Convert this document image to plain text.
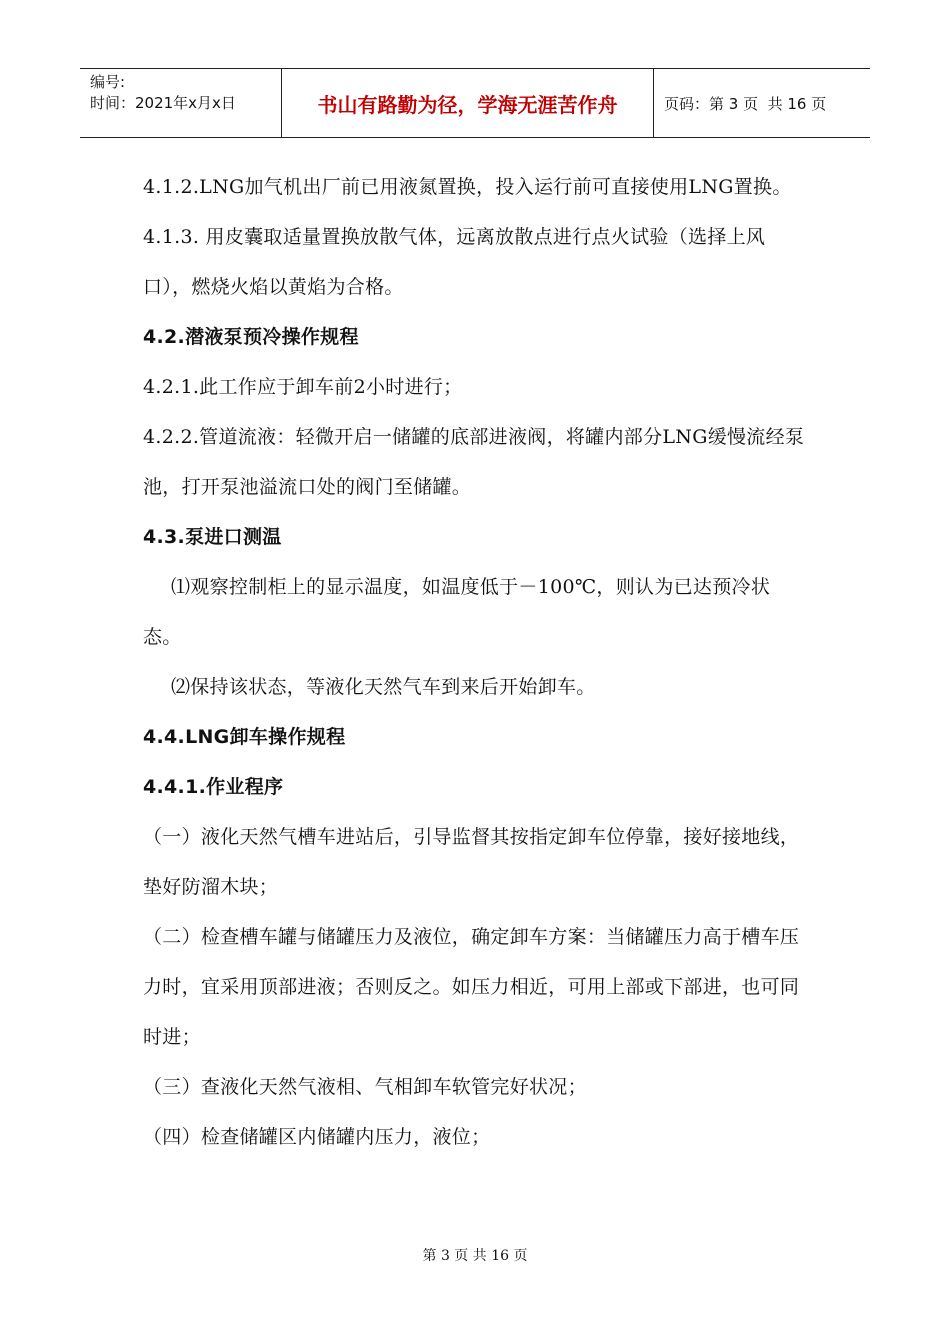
编号:
时间：2021年x月x日	书山有路勤为径，学海无涯苦作舟	页码：第 3 页  共 16 页

4.1.2.LNG加气机出厂前已用液氮置换，投入运行前可直接使用LNG置换。

4.1.3. 用皮囊取适量置换放散气体，远离放散点进行点火试验（选择上风口），燃烧火焰以黄焰为合格。

4.2.潜液泵预冷操作规程

4.2.1.此工作应于卸车前2小时进行；

4.2.2.管道流液：轻微开启一储罐的底部进液阀，将罐内部分LNG缓慢流经泵池，打开泵池溢流口处的阀门至储罐。

4.3.泵进口测温

⑴观察控制柜上的显示温度，如温度低于－100℃，则认为已达预冷状态。

⑵保持该状态，等液化天然气车到来后开始卸车。

4.4.LNG卸车操作规程

4.4.1.作业程序

（一）液化天然气槽车进站后，引导监督其按指定卸车位停靠，接好接地线，垫好防溜木块；

（二）检查槽车罐与储罐压力及液位，确定卸车方案：当储罐压力高于槽车压力时，宜采用顶部进液；否则反之。如压力相近，可用上部或下部进，也可同时进；

（三）查液化天然气液相、气相卸车软管完好状况；

（四）检查储罐区内储罐内压力，液位；

第 3 页 共 16 页
